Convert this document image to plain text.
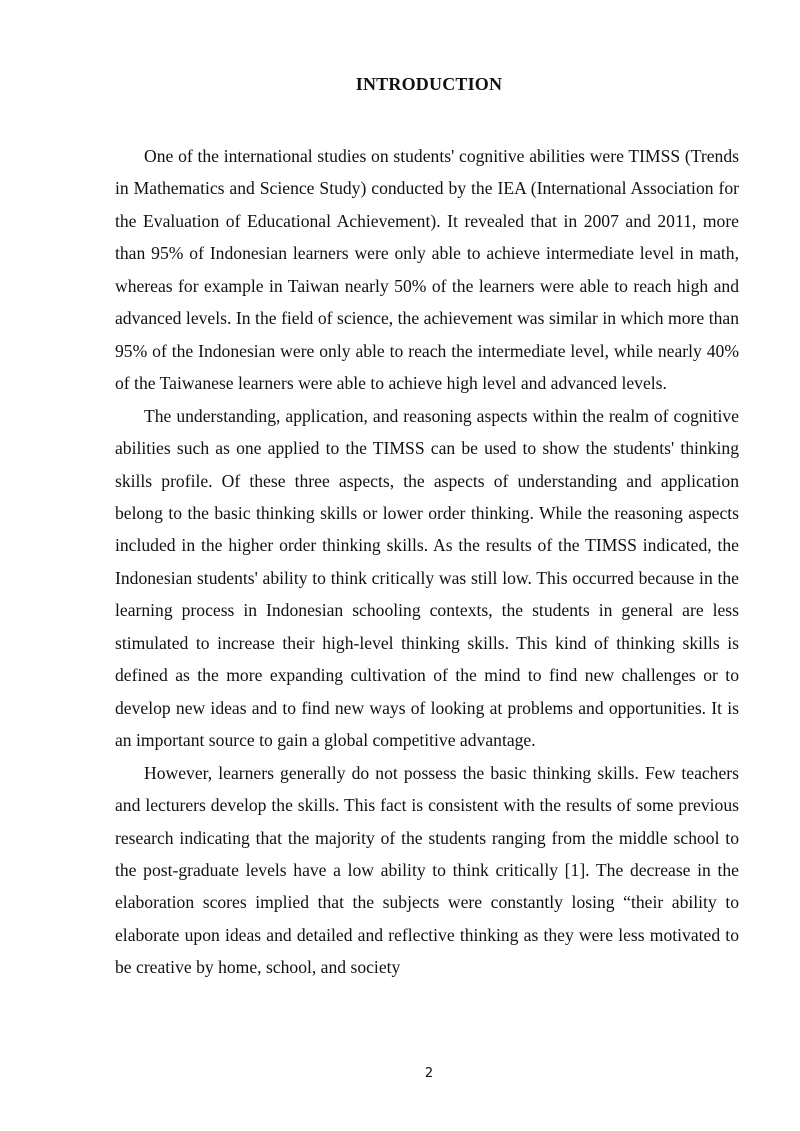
INTRODUCTION

One of the international studies on students' cognitive abilities were TIMSS (Trends in Mathematics and Science Study) conducted by the IEA (International Association for the Evaluation of Educational Achievement). It revealed that in 2007 and 2011, more than 95% of Indonesian learners were only able to achieve intermediate level in math, whereas for example in Taiwan nearly 50% of the learners were able to reach high and advanced levels. In the field of science, the achievement was similar in which more than 95% of the Indonesian were only able to reach the intermediate level, while nearly 40% of the Taiwanese learners were able to achieve high level and advanced levels.

The understanding, application, and reasoning aspects within the realm of cognitive abilities such as one applied to the TIMSS can be used to show the students' thinking skills profile. Of these three aspects, the aspects of understanding and application belong to the basic thinking skills or lower order thinking. While the reasoning aspects included in the higher order thinking skills. As the results of the TIMSS indicated, the Indonesian students' ability to think critically was still low. This occurred because in the learning process in Indonesian schooling contexts, the students in general are less stimulated to increase their high-level thinking skills. This kind of thinking skills is defined as the more expanding cultivation of the mind to find new challenges or to develop new ideas and to find new ways of looking at problems and opportunities. It is an important source to gain a global competitive advantage.

However, learners generally do not possess the basic thinking skills. Few teachers and lecturers develop the skills. This fact is consistent with the results of some previous research indicating that the majority of the students ranging from the middle school to the post-graduate levels have a low ability to think critically [1]. The decrease in the elaboration scores implied that the subjects were constantly losing “their ability to elaborate upon ideas and detailed and reflective thinking as they were less motivated to be creative by home, school, and society

2
